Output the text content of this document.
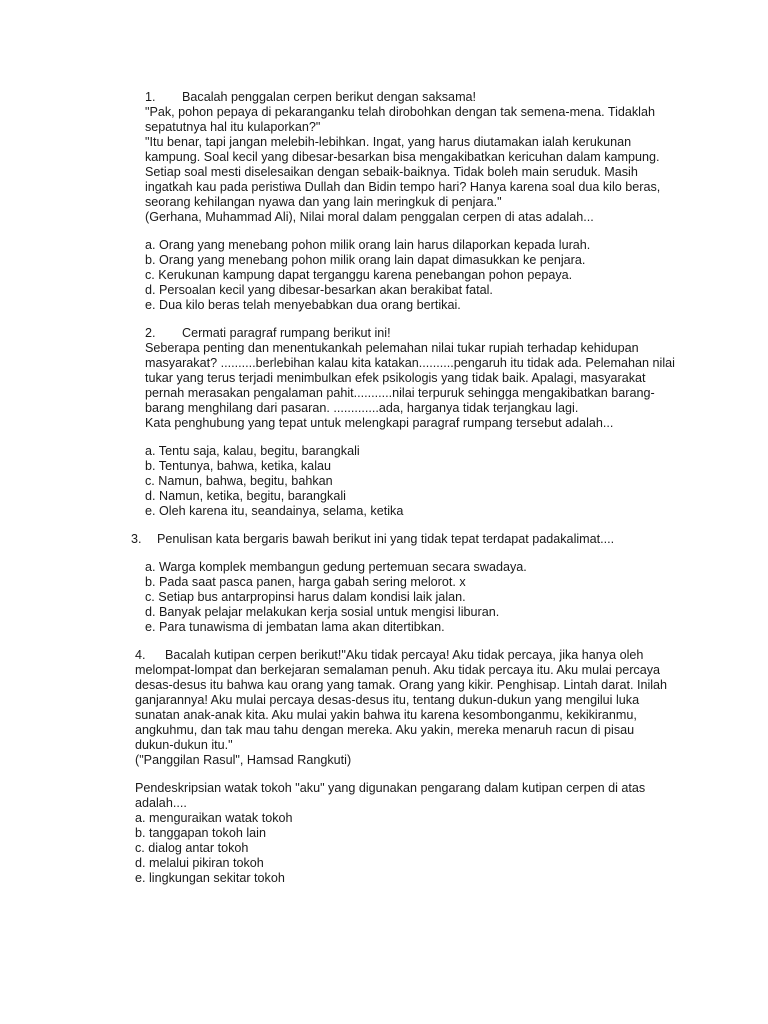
1. Bacalah penggalan cerpen berikut dengan saksama!
"Pak, pohon pepaya di pekaranganku telah dirobohkan dengan tak semena-mena. Tidaklah
sepatutnya hal itu kulaporkan?"
"Itu benar, tapi jangan melebih-lebihkan. Ingat, yang harus diutamakan ialah kerukunan
kampung. Soal kecil yang dibesar-besarkan bisa mengakibatkan kericuhan dalam kampung.
Setiap soal mesti diselesaikan dengan sebaik-baiknya. Tidak boleh main seruduk. Masih
ingatkah kau pada peristiwa Dullah dan Bidin tempo hari? Hanya karena soal dua kilo beras,
seorang kehilangan nyawa dan yang lain meringkuk di penjara."
(Gerhana, Muhammad Ali), Nilai moral dalam penggalan cerpen di atas adalah...
a. Orang yang menebang pohon milik orang lain harus dilaporkan kepada lurah.
b. Orang yang menebang pohon milik orang lain dapat dimasukkan ke penjara.
c. Kerukunan kampung dapat terganggu karena penebangan pohon pepaya.
d. Persoalan kecil yang dibesar-besarkan akan berakibat fatal.
e. Dua kilo beras telah menyebabkan dua orang bertikai.
2. Cermati paragraf rumpang berikut ini!
Seberapa penting dan menentukankah pelemahan nilai tukar rupiah terhadap kehidupan
masyarakat? ..........berlebihan kalau kita katakan..........pengaruh itu tidak ada. Pelemahan nilai
tukar yang terus terjadi menimbulkan efek psikologis yang tidak baik. Apalagi, masyarakat
pernah merasakan pengalaman pahit...........nilai terpuruk sehingga mengakibatkan barang-
barang menghilang dari pasaran. .............ada, harganya tidak terjangkau lagi.
Kata penghubung yang tepat untuk melengkapi paragraf rumpang tersebut adalah...
a. Tentu saja, kalau, begitu, barangkali
b. Tentunya, bahwa, ketika, kalau
c. Namun, bahwa, begitu, bahkan
d. Namun, ketika, begitu, barangkali
e. Oleh karena itu, seandainya, selama, ketika
3. Penulisan kata bergaris bawah berikut ini yang tidak tepat terdapat padakalimat....
a. Warga komplek membangun gedung pertemuan secara swadaya.
b. Pada saat pasca panen, harga gabah sering melorot. x
c. Setiap bus antarpropinsi harus dalam kondisi laik jalan.
d. Banyak pelajar melakukan kerja sosial untuk mengisi liburan.
e. Para tunawisma di jembatan lama akan ditertibkan.
4. Bacalah kutipan cerpen berikut!"Aku tidak percaya! Aku tidak percaya, jika hanya oleh
melompat-lompat dan berkejaran semalaman penuh. Aku tidak percaya itu. Aku mulai percaya
desas-desus itu bahwa kau orang yang tamak. Orang yang kikir. Penghisap. Lintah darat. Inilah
ganjarannya! Aku mulai percaya desas-desus itu, tentang dukun-dukun yang mengilui luka
sunatan anak-anak kita. Aku mulai yakin bahwa itu karena kesombonganmu, kekikiranmu,
angkuhmu, dan tak mau tahu dengan mereka. Aku yakin, mereka menaruh racun di pisau
dukun-dukun itu."
("Panggilan Rasul", Hamsad Rangkuti)
Pendeskripsian watak tokoh "aku" yang digunakan pengarang dalam kutipan cerpen di atas
adalah....
a. menguraikan watak tokoh
b. tanggapan tokoh lain
c. dialog antar tokoh
d. melalui pikiran tokoh
e. lingkungan sekitar tokoh
